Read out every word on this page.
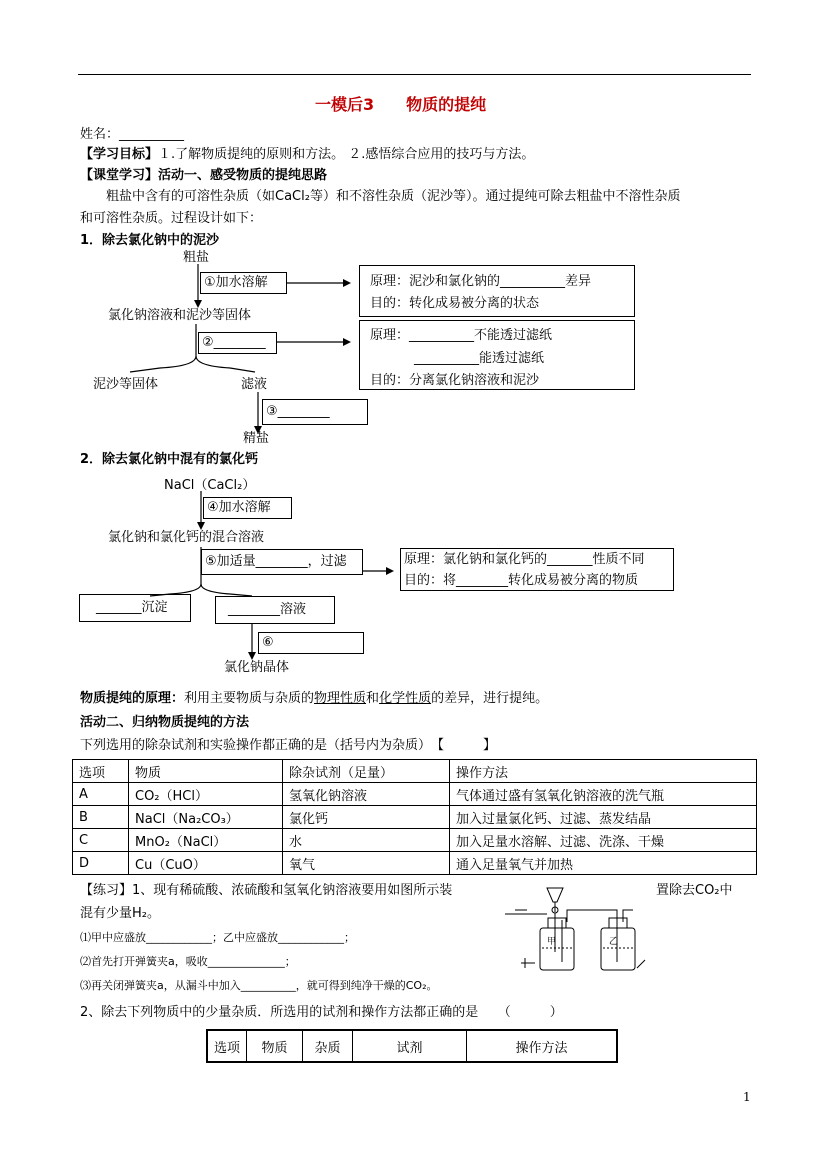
一模后3　　物质的提纯
姓名：__________
【学习目标】１.了解物质提纯的原则和方法。 ２.感悟综合应用的技巧与方法。
【课堂学习】活动一、感受物质的提纯思路
粗盐中含有的可溶性杂质（如CaCl₂等）和不溶性杂质（泥沙等）。通过提纯可除去粗盐中不溶性杂质
和可溶性杂质。过程设计如下：
1．除去氯化钠中的泥沙
粗盐
①加水溶解	原理：泥沙和氯化钠的__________差异
目的：转化成易被分离的状态
氯化钠溶液和泥沙等固体
②________	原理：__________不能透过滤纸
__________能透过滤纸
目的：分离氯化钠溶液和泥沙
泥沙等固体	滤液
③________
精盐
2．除去氯化钠中混有的氯化钙
NaCl（CaCl₂）
④加水溶解
氯化钠和氯化钙的混合溶液
⑤加适量________，过滤	原理：氯化钠和氯化钙的_______性质不同
目的：将________转化成易被分离的物质
_______沉淀	________溶液
⑥
氯化钠晶体
物质提纯的原理：利用主要物质与杂质的物理性质和化学性质的差异，进行提纯。
活动二、归纳物质提纯的方法
下列选用的除杂试剂和实验操作都正确的是（括号内为杂质）　【　　　】
选项	物质	除杂试剂（足量）	操作方法
A	CO₂（HCl）	氢氧化钠溶液	气体通过盛有氢氧化钠溶液的洗气瓶
B	NaCl（Na₂CO₃）	氯化钙	加入过量氯化钙、过滤、蒸发结晶
C	MnO₂（NaCl）	水	加入足量水溶解、过滤、洗涤、干燥
D	Cu（CuO）	氧气	通入足量氧气并加热
【练习】1、现有稀硫酸、浓硫酸和氢氧化钠溶液要用如图所示装	置除去CO₂中
混有少量H₂。
⑴甲中应盛放____________；乙中应盛放____________；
⑵首先打开弹簧夹a，吸收______________；
⑶再关闭弹簧夹a，从漏斗中加入__________，就可得到纯净干燥的CO₂。
甲	乙
2、除去下列物质中的少量杂质．所选用的试剂和操作方法都正确的是　　（　　　）
选项	物质	杂质	试剂	操作方法
1
